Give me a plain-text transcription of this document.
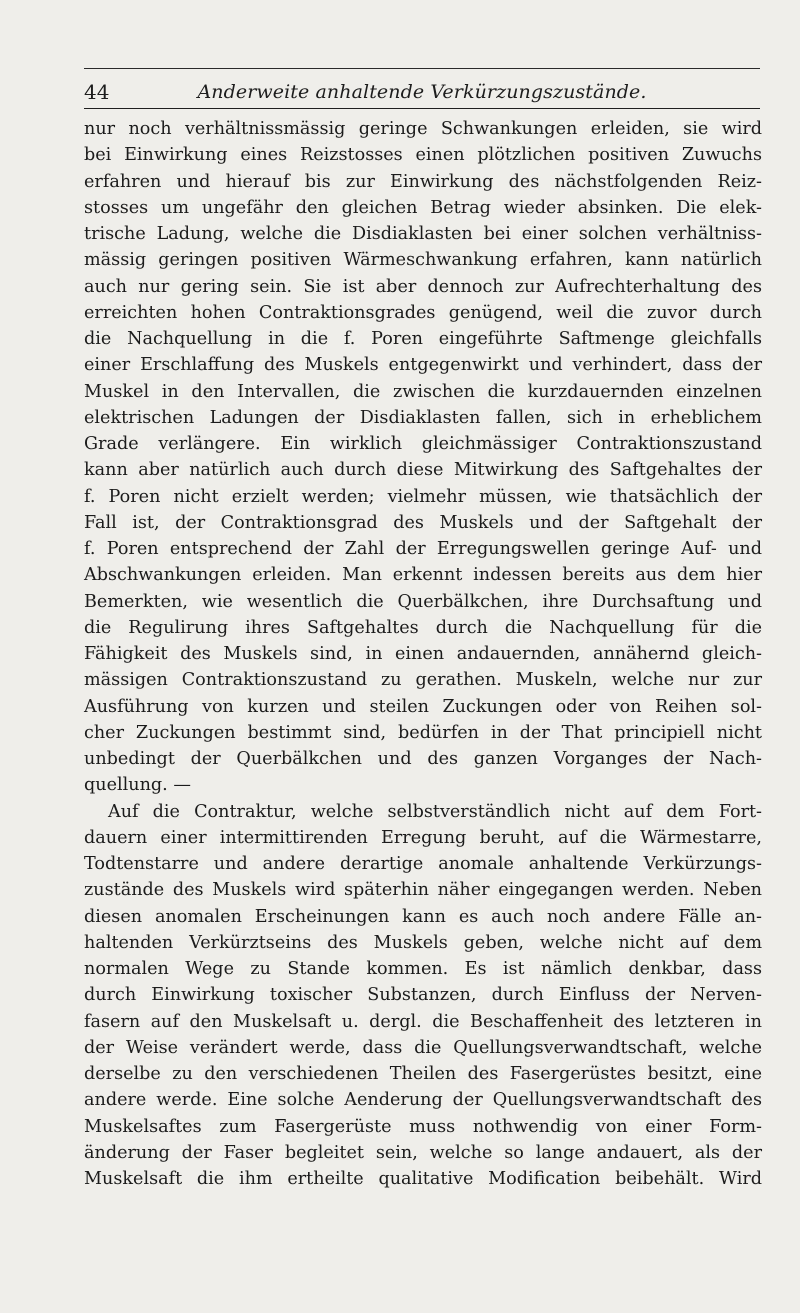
44	Anderweite anhaltende Verkürzungszustände.
nur noch verhältnissmässig geringe Schwankungen erleiden, sie wird
bei Einwirkung eines Reizstosses einen plötzlichen positiven Zuwuchs
erfahren und hierauf bis zur Einwirkung des nächstfolgenden Reiz-
stosses um ungefähr den gleichen Betrag wieder absinken. Die elek-
trische Ladung, welche die Disdiaklasten bei einer solchen verhältniss-
mässig geringen positiven Wärmeschwankung erfahren, kann natürlich
auch nur gering sein. Sie ist aber dennoch zur Aufrechterhaltung des
erreichten hohen Contraktionsgrades genügend, weil die zuvor durch
die Nachquellung in die f. Poren eingeführte Saftmenge gleichfalls
einer Erschlaffung des Muskels entgegenwirkt und verhindert, dass der
Muskel in den Intervallen, die zwischen die kurzdauernden einzelnen
elektrischen Ladungen der Disdiaklasten fallen, sich in erheblichem
Grade verlängere. Ein wirklich gleichmässiger Contraktionszustand
kann aber natürlich auch durch diese Mitwirkung des Saftgehaltes der
f. Poren nicht erzielt werden; vielmehr müssen, wie thatsächlich der
Fall ist, der Contraktionsgrad des Muskels und der Saftgehalt der
f. Poren entsprechend der Zahl der Erregungswellen geringe Auf- und
Abschwankungen erleiden. Man erkennt indessen bereits aus dem hier
Bemerkten, wie wesentlich die Querbälkchen, ihre Durchsaftung und
die Regulirung ihres Saftgehaltes durch die Nachquellung für die
Fähigkeit des Muskels sind, in einen andauernden, annähernd gleich-
mässigen Contraktionszustand zu gerathen. Muskeln, welche nur zur
Ausführung von kurzen und steilen Zuckungen oder von Reihen sol-
cher Zuckungen bestimmt sind, bedürfen in der That principiell nicht
unbedingt der Querbälkchen und des ganzen Vorganges der Nach-
quellung. —
Auf die Contraktur, welche selbstverständlich nicht auf dem Fort-
dauern einer intermittirenden Erregung beruht, auf die Wärmestarre,
Todtenstarre und andere derartige anomale anhaltende Verkürzungs-
zustände des Muskels wird späterhin näher eingegangen werden. Neben
diesen anomalen Erscheinungen kann es auch noch andere Fälle an-
haltenden Verkürztseins des Muskels geben, welche nicht auf dem
normalen Wege zu Stande kommen. Es ist nämlich denkbar, dass
durch Einwirkung toxischer Substanzen, durch Einfluss der Nerven-
fasern auf den Muskelsaft u. dergl. die Beschaffenheit des letzteren in
der Weise verändert werde, dass die Quellungsverwandtschaft, welche
derselbe zu den verschiedenen Theilen des Fasergerüstes besitzt, eine
andere werde. Eine solche Aenderung der Quellungsverwandtschaft des
Muskelsaftes zum Fasergerüste muss nothwendig von einer Form-
änderung der Faser begleitet sein, welche so lange andauert, als der
Muskelsaft die ihm ertheilte qualitative Modification beibehält. Wird
